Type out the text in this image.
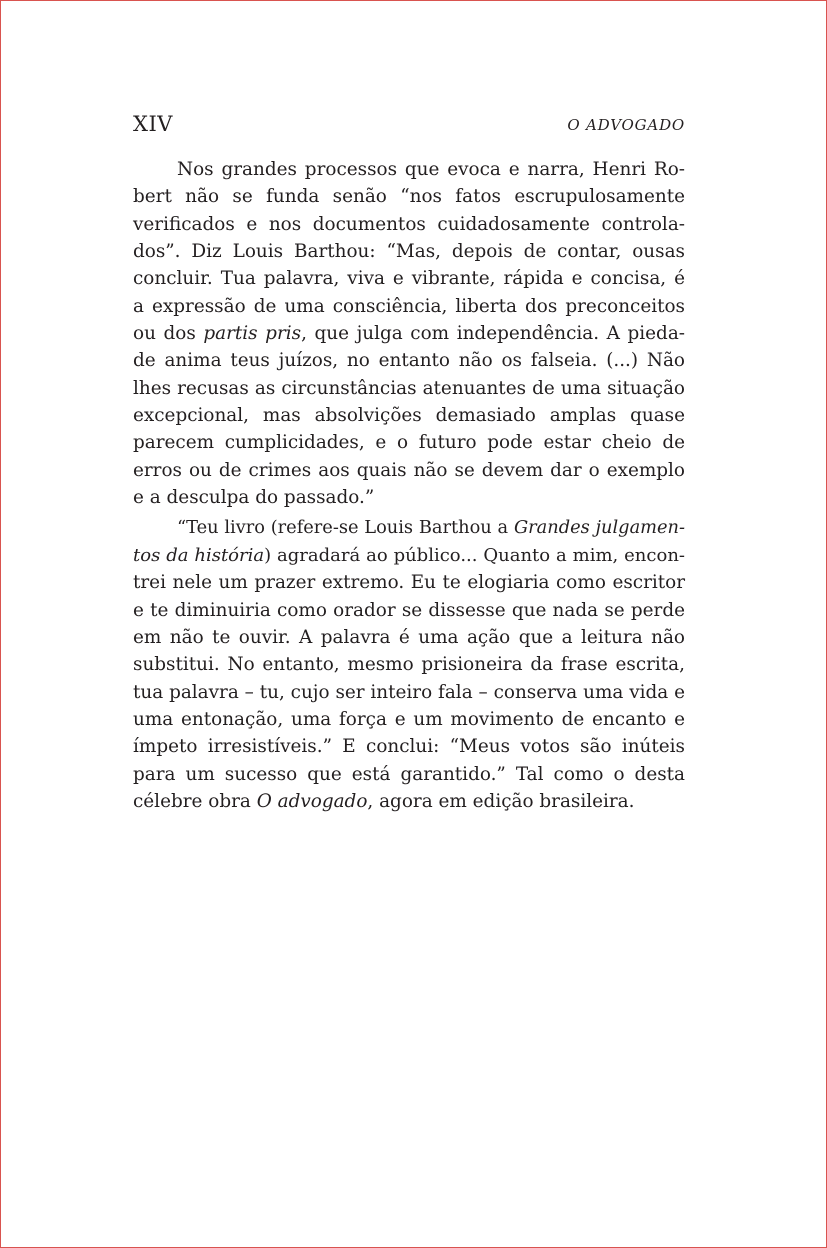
XIV	O ADVOGADO
Nos grandes processos que evoca e narra, Henri Ro-
bert não se funda senão “nos fatos escrupulosamente
verificados e nos documentos cuidadosamente controla-
dos”. Diz Louis Barthou: “Mas, depois de contar, ousas
concluir. Tua palavra, viva e vibrante, rápida e concisa, é
a expressão de uma consciência, liberta dos preconceitos
ou dos partis pris, que julga com independência. A pieda-
de anima teus juízos, no entanto não os falseia. (...) Não
lhes recusas as circunstâncias atenuantes de uma situação
excepcional, mas absolvições demasiado amplas quase
parecem cumplicidades, e o futuro pode estar cheio de
erros ou de crimes aos quais não se devem dar o exemplo
e a desculpa do passado.”
“Teu livro (refere-se Louis Barthou a Grandes julgamen-
tos da história) agradará ao público... Quanto a mim, encon-
trei nele um prazer extremo. Eu te elogiaria como escritor
e te diminuiria como orador se dissesse que nada se perde
em não te ouvir. A palavra é uma ação que a leitura não
substitui. No entanto, mesmo prisioneira da frase escrita,
tua palavra – tu, cujo ser inteiro fala – conserva uma vida e
uma entonação, uma força e um movimento de encanto e
ímpeto irresistíveis.” E conclui: “Meus votos são inúteis
para um sucesso que está garantido.” Tal como o desta
célebre obra O advogado, agora em edição brasileira.
